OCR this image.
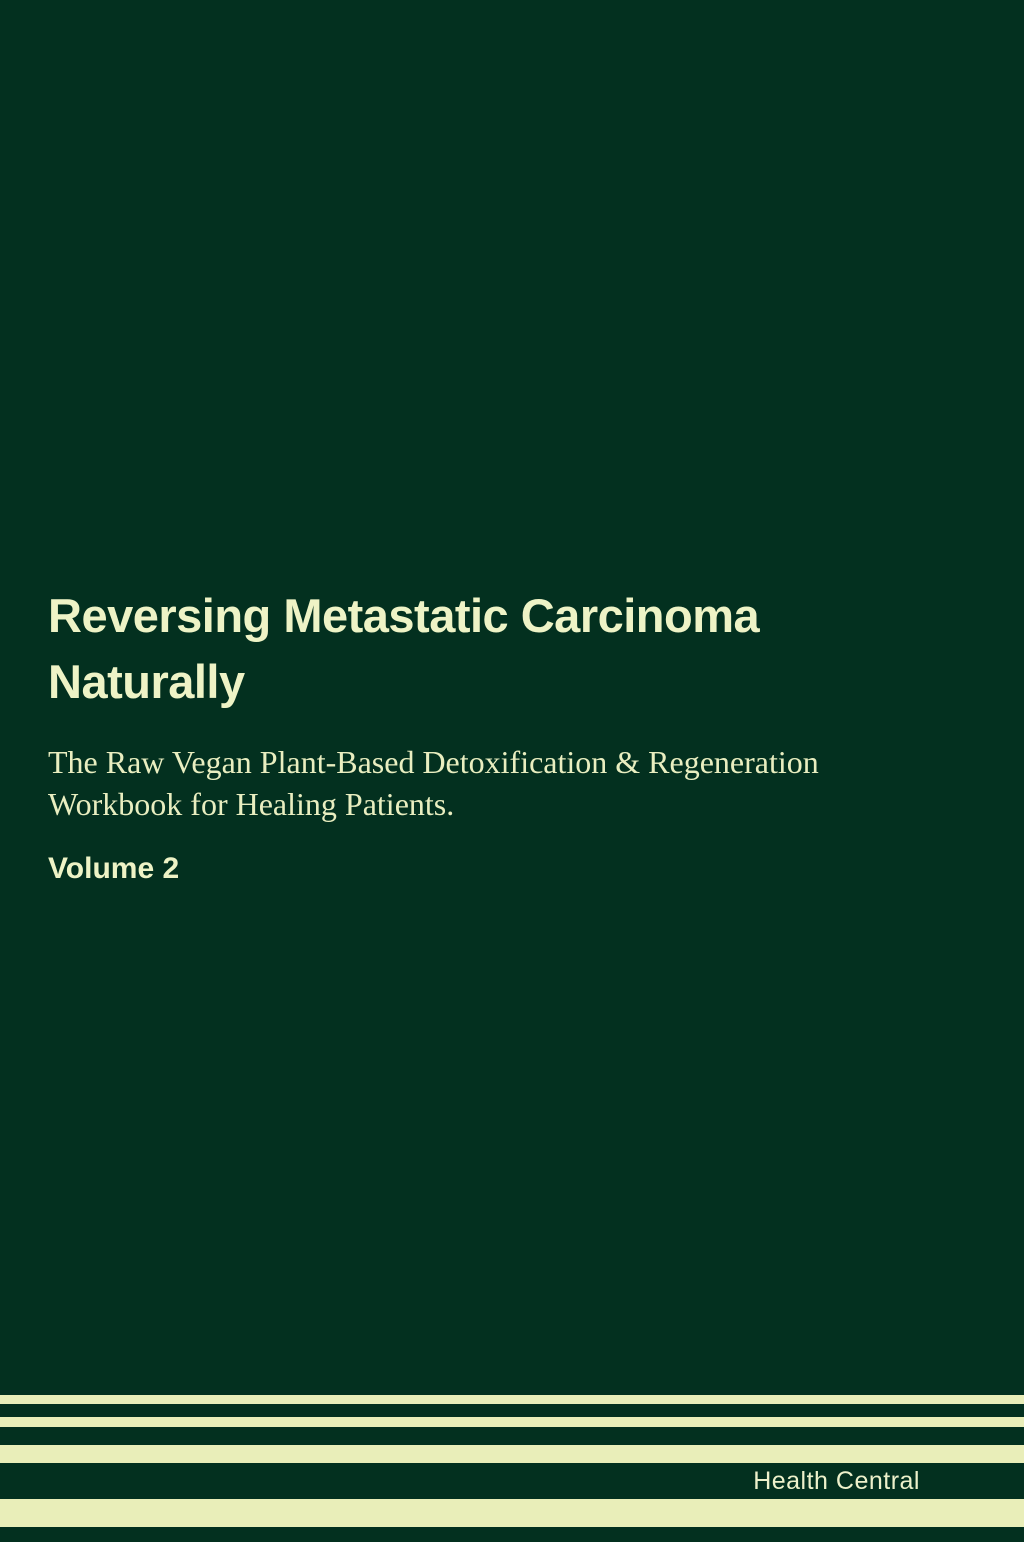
Reversing Metastatic Carcinoma
Naturally
The Raw Vegan Plant-Based Detoxification & Regeneration
Workbook for Healing Patients.
Volume 2
Health Central
